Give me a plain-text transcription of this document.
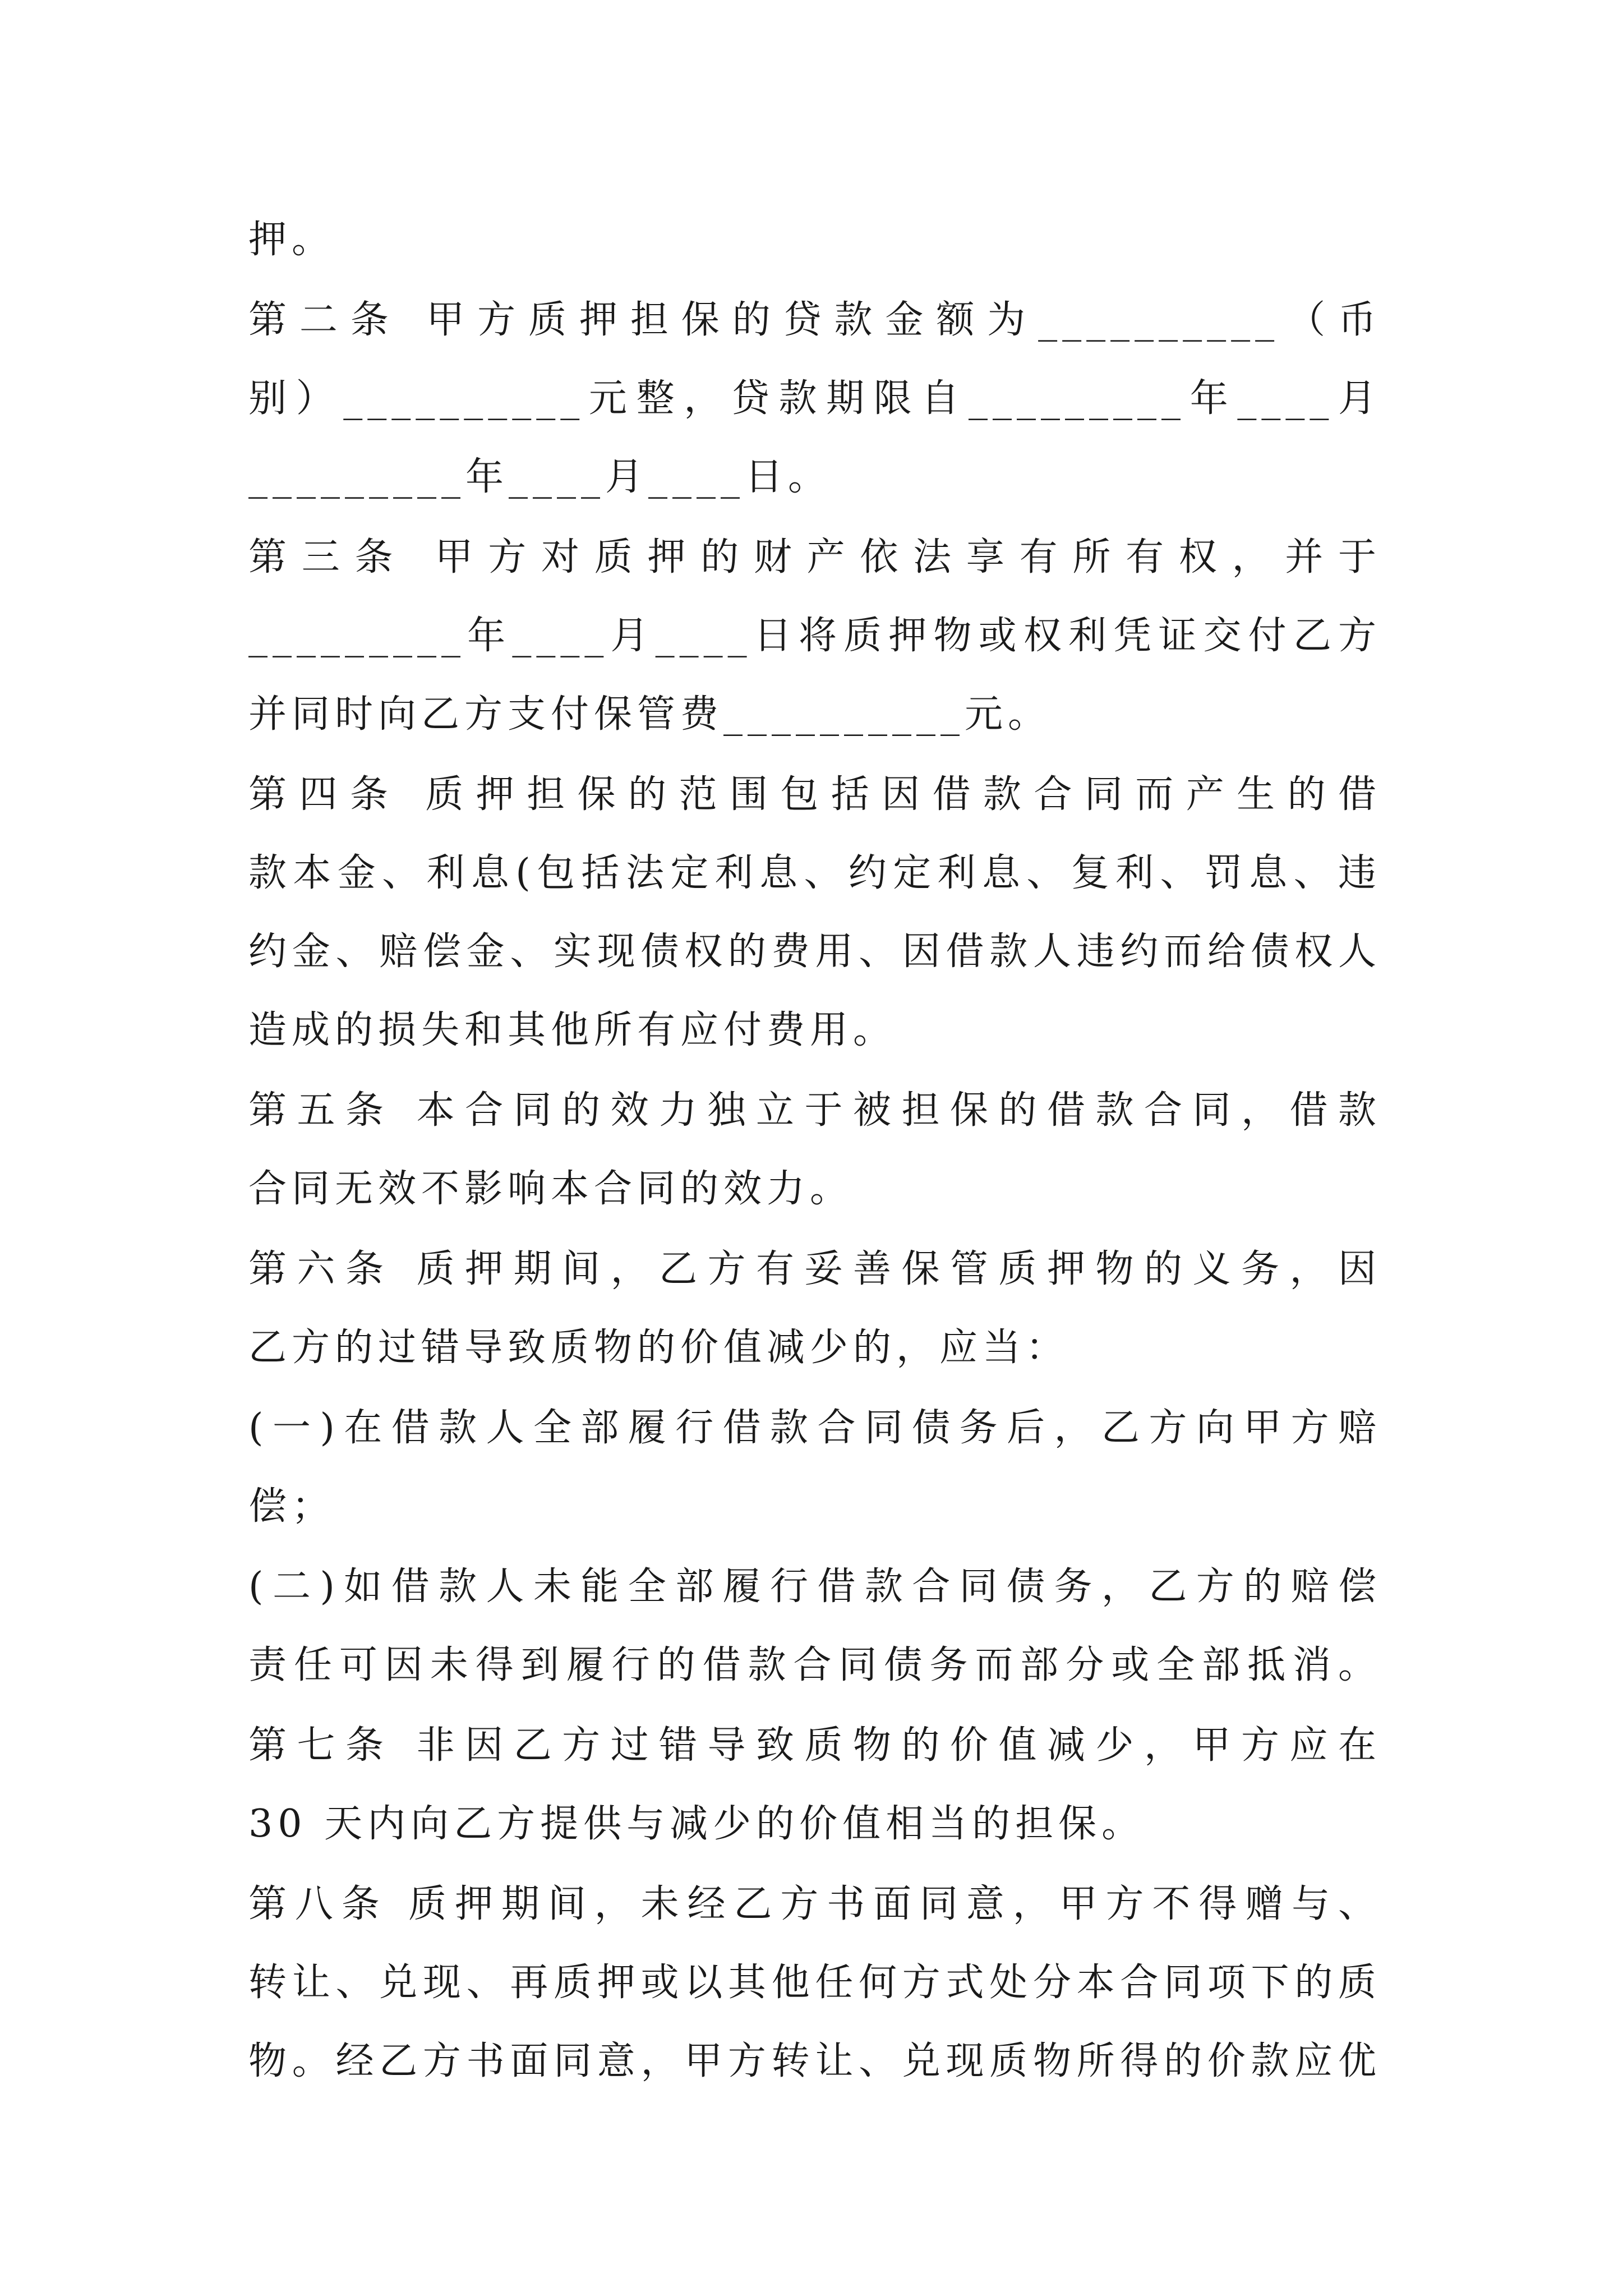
押。
第二条 甲方质押担保的贷款金额为__________（币
别）__________元整，贷款期限自_________年____月
_________年____月____日。
第三条 甲方对质押的财产依法享有所有权，并于
_________年____月____日将质押物或权利凭证交付乙方
并同时向乙方支付保管费__________元。
第四条 质押担保的范围包括因借款合同而产生的借
款本金、利息(包括法定利息、约定利息、复利、罚息、违
约金、赔偿金、实现债权的费用、因借款人违约而给债权人
造成的损失和其他所有应付费用。
第五条 本合同的效力独立于被担保的借款合同，借款
合同无效不影响本合同的效力。
第六条 质押期间，乙方有妥善保管质押物的义务，因
乙方的过错导致质物的价值减少的，应当：
(一)在借款人全部履行借款合同债务后，乙方向甲方赔
偿；
(二)如借款人未能全部履行借款合同债务，乙方的赔偿
责任可因未得到履行的借款合同债务而部分或全部抵消。
第七条 非因乙方过错导致质物的价值减少，甲方应在
30 天内向乙方提供与减少的价值相当的担保。
第八条 质押期间，未经乙方书面同意，甲方不得赠与、
转让、兑现、再质押或以其他任何方式处分本合同项下的质
物。经乙方书面同意，甲方转让、兑现质物所得的价款应优
